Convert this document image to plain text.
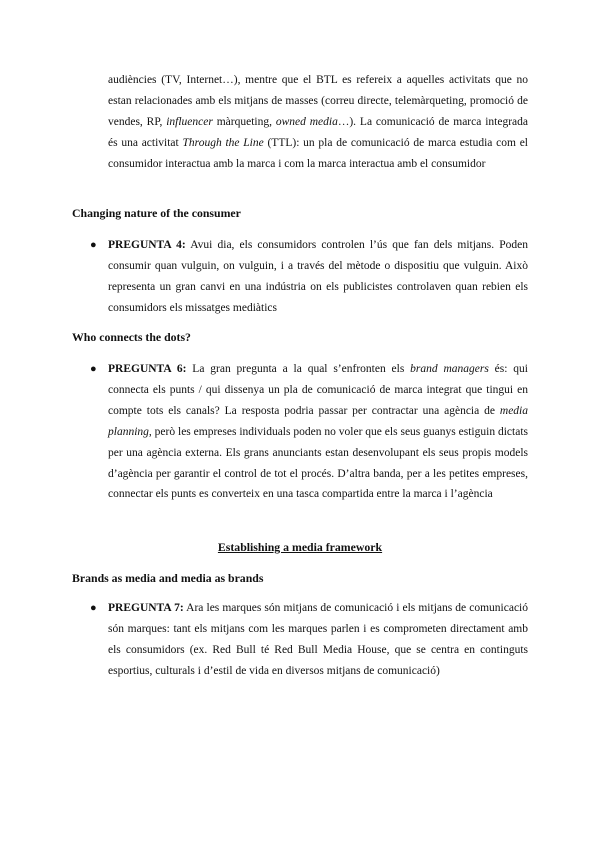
audiències (TV, Internet…), mentre que el BTL es refereix a aquelles activitats que no estan relacionades amb els mitjans de masses (correu directe, telemàrqueting, promoció de vendes, RP, influencer màrqueting, owned media…). La comunicació de marca integrada és una activitat Through the Line (TTL): un pla de comunicació de marca estudia com el consumidor interactua amb la marca i com la marca interactua amb el consumidor
Changing nature of the consumer
● PREGUNTA 4: Avui dia, els consumidors controlen l’ús que fan dels mitjans. Poden consumir quan vulguin, on vulguin, i a través del mètode o dispositiu que vulguin. Això representa un gran canvi en una indústria on els publicistes controlaven quan rebien els consumidors els missatges mediàtics
Who connects the dots?
● PREGUNTA 6: La gran pregunta a la qual s’enfronten els brand managers és: qui connecta els punts / qui dissenya un pla de comunicació de marca integrat que tingui en compte tots els canals? La resposta podria passar per contractar una agència de media planning, però les empreses individuals poden no voler que els seus guanys estiguin dictats per una agència externa. Els grans anunciants estan desenvolupant els seus propis models d’agència per garantir el control de tot el procés. D’altra banda, per a les petites empreses, connectar els punts es converteix en una tasca compartida entre la marca i l’agència
Establishing a media framework
Brands as media and media as brands
● PREGUNTA 7: Ara les marques són mitjans de comunicació i els mitjans de comunicació són marques: tant els mitjans com les marques parlen i es comprometen directament amb els consumidors (ex. Red Bull té Red Bull Media House, que se centra en continguts esportius, culturals i d’estil de vida en diversos mitjans de comunicació)
